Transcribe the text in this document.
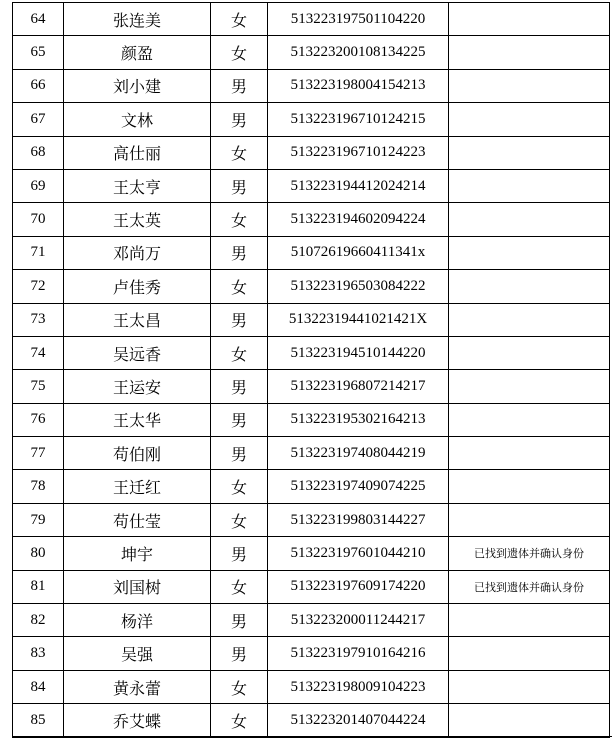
64	张连美	女	513223197501104220	
65	颜盈	女	513223200108134225	
66	刘小建	男	513223198004154213	
67	文林	男	513223196710124215	
68	高仕丽	女	513223196710124223	
69	王太亨	男	513223194412024214	
70	王太英	女	513223194602094224	
71	邓尚万	男	51072619660411341x	
72	卢佳秀	女	513223196503084222	
73	王太昌	男	51322319441021421X	
74	吴远香	女	513223194510144220	
75	王运安	男	513223196807214217	
76	王太华	男	513223195302164213	
77	苟伯刚	男	513223197408044219	
78	王迁红	女	513223197409074225	
79	苟仕莹	女	513223199803144227	
80	坤宇	男	513223197601044210	已找到遗体并确认身份
81	刘国树	女	513223197609174220	已找到遗体并确认身份
82	杨洋	男	513223200011244217	
83	吴强	男	513223197910164216	
84	黄永蕾	女	513223198009104223	
85	乔艾蝶	女	513223201407044224	
